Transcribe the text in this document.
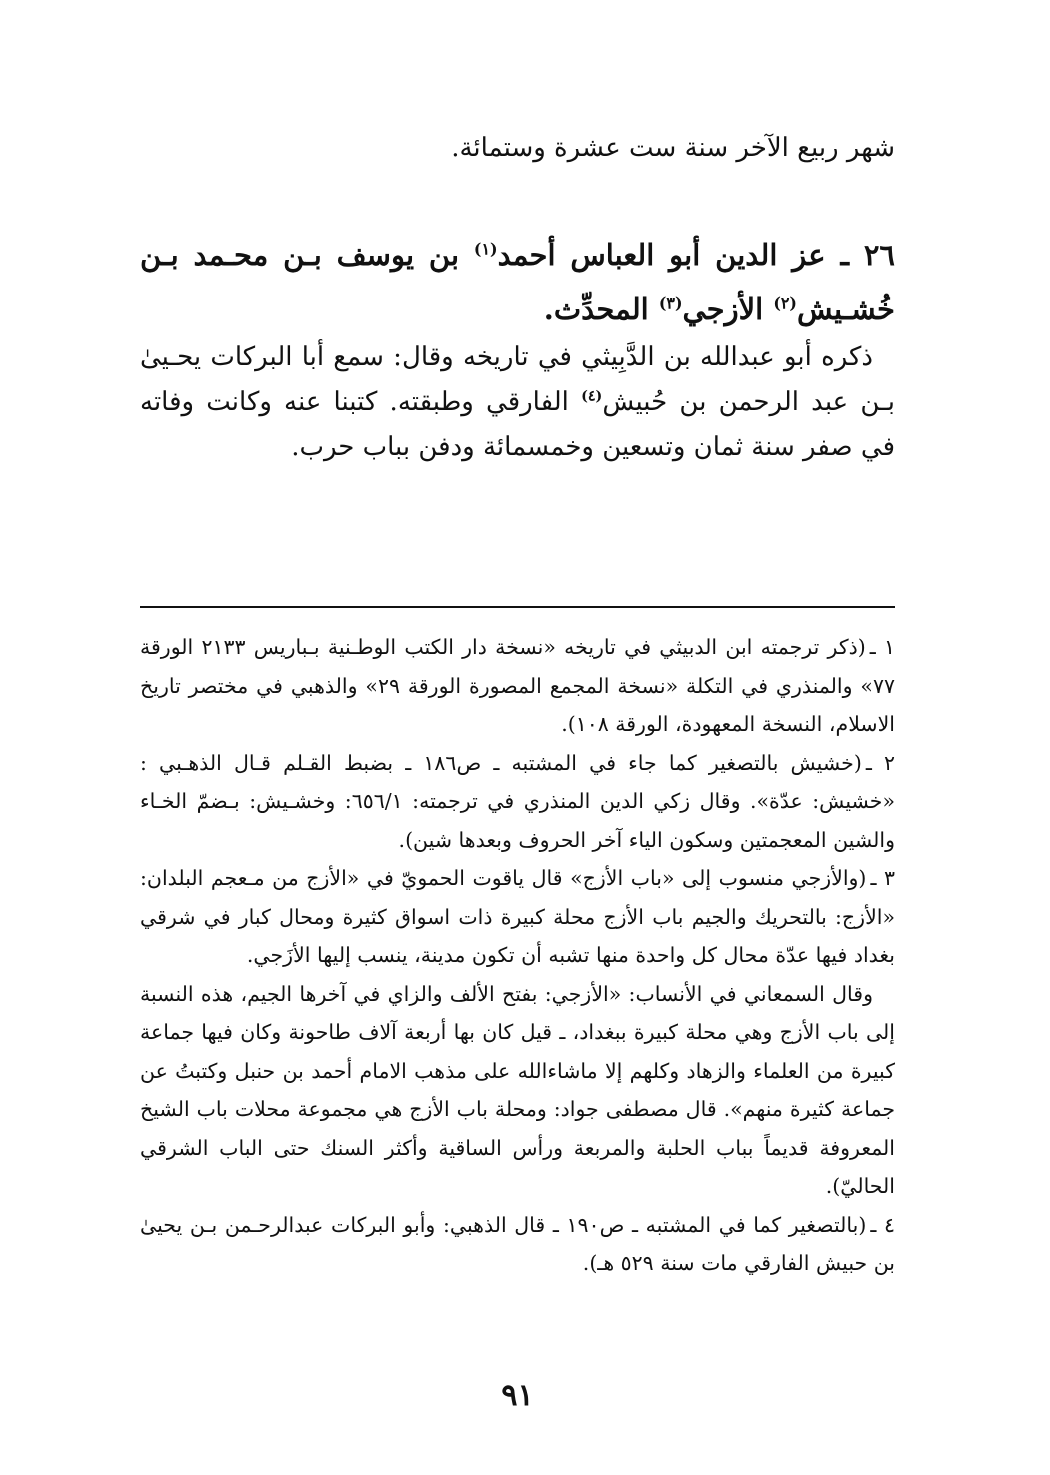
شهر ربيع الآخر سنة ست عشرة وستمائة.

٢٦ ـ عز الدين أبو العباس أحمد$^{(١)}$ بن يوسف بـن محـمد بـن خُشـيش$^{(٢)}$ الأزجي$^{(٣)}$ المحدِّث.

ذكره أبو عبدالله بن الدَّبِيثي في تاريخه وقال: سمع أبا البركات يحـيىٰ بـن عبد الرحمن بن حُبيش$^{(٤)}$ الفارقي وطبقته. كتبنا عنه وكانت وفاته في صفر سنة ثمان وتسعين وخمسمائة ودفن بباب حرب.

١ ـ(ذكر ترجمته ابن الدبيثي في تاريخه «نسخة دار الكتب الوطـنية بـباريس ٢١٣٣ الورقة ٧٧» والمنذري في التكلة «نسخة المجمع المصورة الورقة ٢٩» والذهبي في مختصر تاريخ الاسلام، النسخة المعهودة، الورقة ١٠٨).

٢ ـ(خشيش بالتصغير كما جاء في المشتبه ـ ص١٨٦ ـ بضبط القـلم قـال الذهـبي : «خشيش: عدّة». وقال زكي الدين المنذري في ترجمته: ٦٥٦/١: وخشـيش: بـضمّ الخـاء والشين المعجمتين وسكون الياء آخر الحروف وبعدها شين).

٣ ـ(والأزجي منسوب إلى «باب الأزج» قال ياقوت الحمويّ في «الأزج من مـعجم البلدان: «الأزج: بالتحريك والجيم باب الأزج محلة كبيرة ذات اسواق كثيرة ومحال كبار في شرقي بغداد فيها عدّة محال كل واحدة منها تشبه أن تكون مدينة، ينسب إليها الأزَجي.

وقال السمعاني في الأنساب: «الأزجي: بفتح الألف والزاي في آخرها الجيم، هذه النسبة إلى باب الأزج وهي محلة كبيرة ببغداد، ـ قيل كان بها أربعة آلاف طاحونة وكان فيها جماعة كبيرة من العلماء والزهاد وكلهم إلا ماشاءالله على مذهب الامام أحمد بن حنبل وكتبتُ عن جماعة كثيرة منهم». قال مصطفى جواد: ومحلة باب الأزج هي مجموعة محلات باب الشيخ المعروفة قديماً بباب الحلبة والمربعة ورأس الساقية وأكثر السنك حتى الباب الشرقي الحاليّ).

٤ ـ(بالتصغير كما في المشتبه ـ ص١٩٠ ـ قال الذهبي: وأبو البركات عبدالرحـمن بـن يحيىٰ بن حبيش الفارقي مات سنة ٥٢٩ هـ).

٩١
